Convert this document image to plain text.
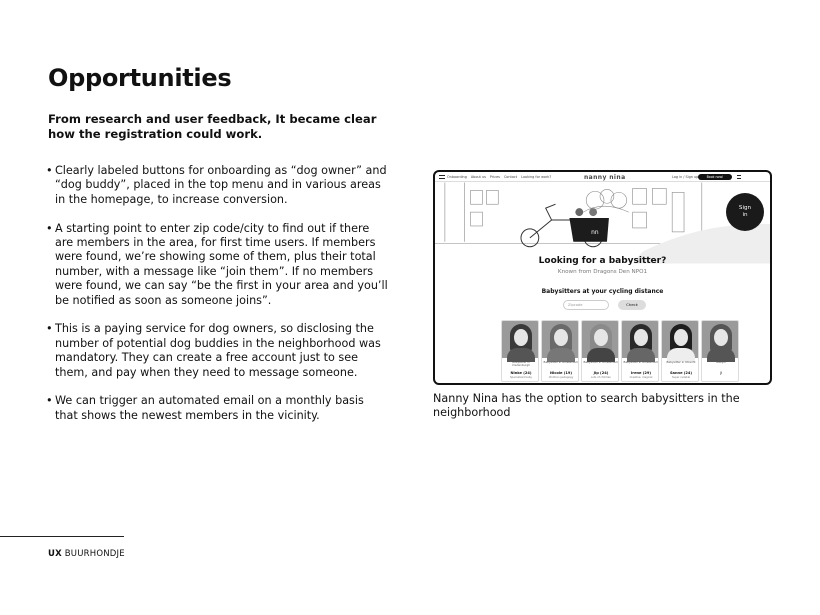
Opportunities
From research and user feedback, It became clear how the registration could work.
• Clearly labeled buttons for onboarding as “dog owner” and “dog buddy”, placed in the top menu and in various areas in the homepage, to increase conversion.
• A starting point to enter zip code/city to find out if there are members in the area, for first time users. If members were found, we’re showing some of them, plus their total number, with a message like “join them”. If no members were found, we can say “be the first in your area and you’ll be notified as soon as someone joins”.
• This is a paying service for dog owners, so disclosing the number of potential dog buddies in the neighborhood was mandatory. They can create a free account just to see them, and pay when they need to message someone.
• We can trigger an automated email on a monthly basis that shows the newest members in the vicinity.
Onboarding About us Prices Contact Looking for work?	nanny nina	Log in / Sign up	Book now!
nn
Sign
in
Looking for a babysitter?
Known from Dragons Den NPO1
Babysitters at your cycling distance
Zipcode	Check
Babysitter in Vredenburgh
Ninke (24)
Specialized baby
Babysitter in Amsterdam
Nicole (19)
Children pedagogy
Babysitter in Amsterdam
Jip (24)
Lots of children
Babysitter in Amsterdam
Irene (29)
Creative, magical
Babysitter in Utrecht
Sanne (24)
Super reliable
Babysi
J
Nanny Nina has the option to search babysitters in the neighborhood
UX BUURHONDJE
